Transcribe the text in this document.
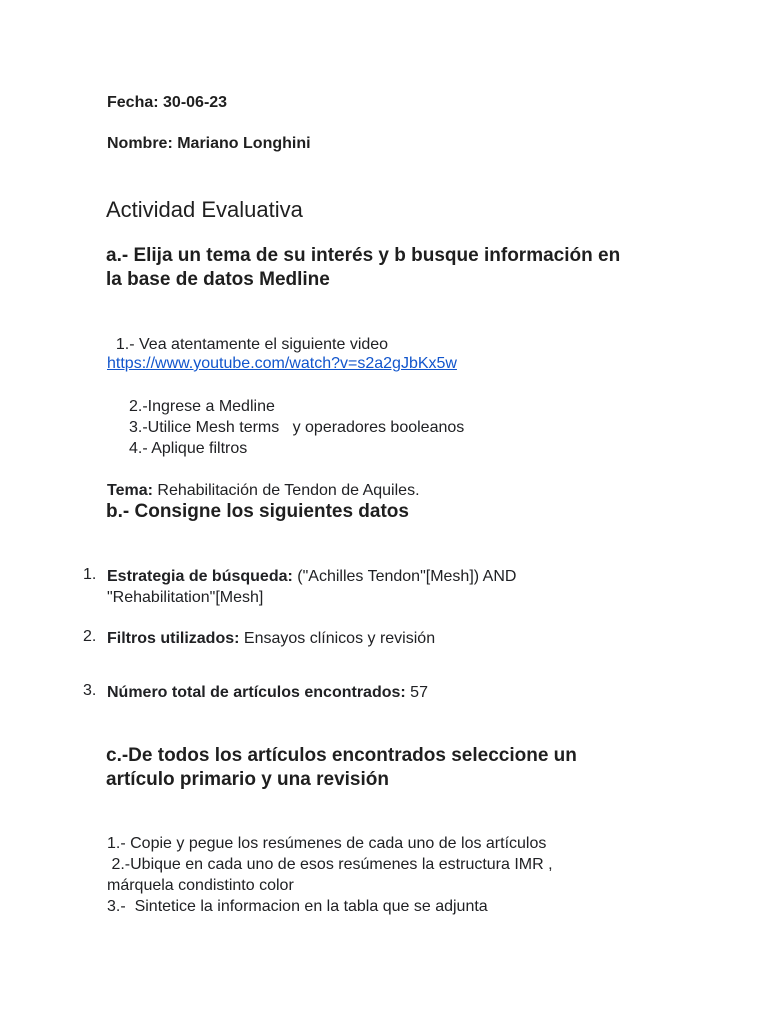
Fecha: 30-06-23

Nombre: Mariano Longhini

Actividad Evaluativa

a.- Elija un tema de su interés y b busque información en

la base de datos Medline

1.- Vea atentamente el siguiente video

https://www.youtube.com/watch?v=s2a2gJbKx5w

2.-Ingrese a Medline

3.-Utilice Mesh terms   y operadores booleanos

4.- Aplique filtros

Tema: Rehabilitación de Tendon de Aquiles.

b.- Consigne los siguientes datos

1. Estrategia de búsqueda: ("Achilles Tendon"[Mesh]) AND

"Rehabilitation"[Mesh]

2. Filtros utilizados: Ensayos clínicos y revisión

3. Número total de artículos encontrados: 57

c.-De todos los artículos encontrados seleccione un

artículo primario y una revisión

1.- Copie y pegue los resúmenes de cada uno de los artículos

2.-Ubique en cada uno de esos resúmenes la estructura IMR ,

márquela condistinto color

3.-  Sintetice la informacion en la tabla que se adjunta
